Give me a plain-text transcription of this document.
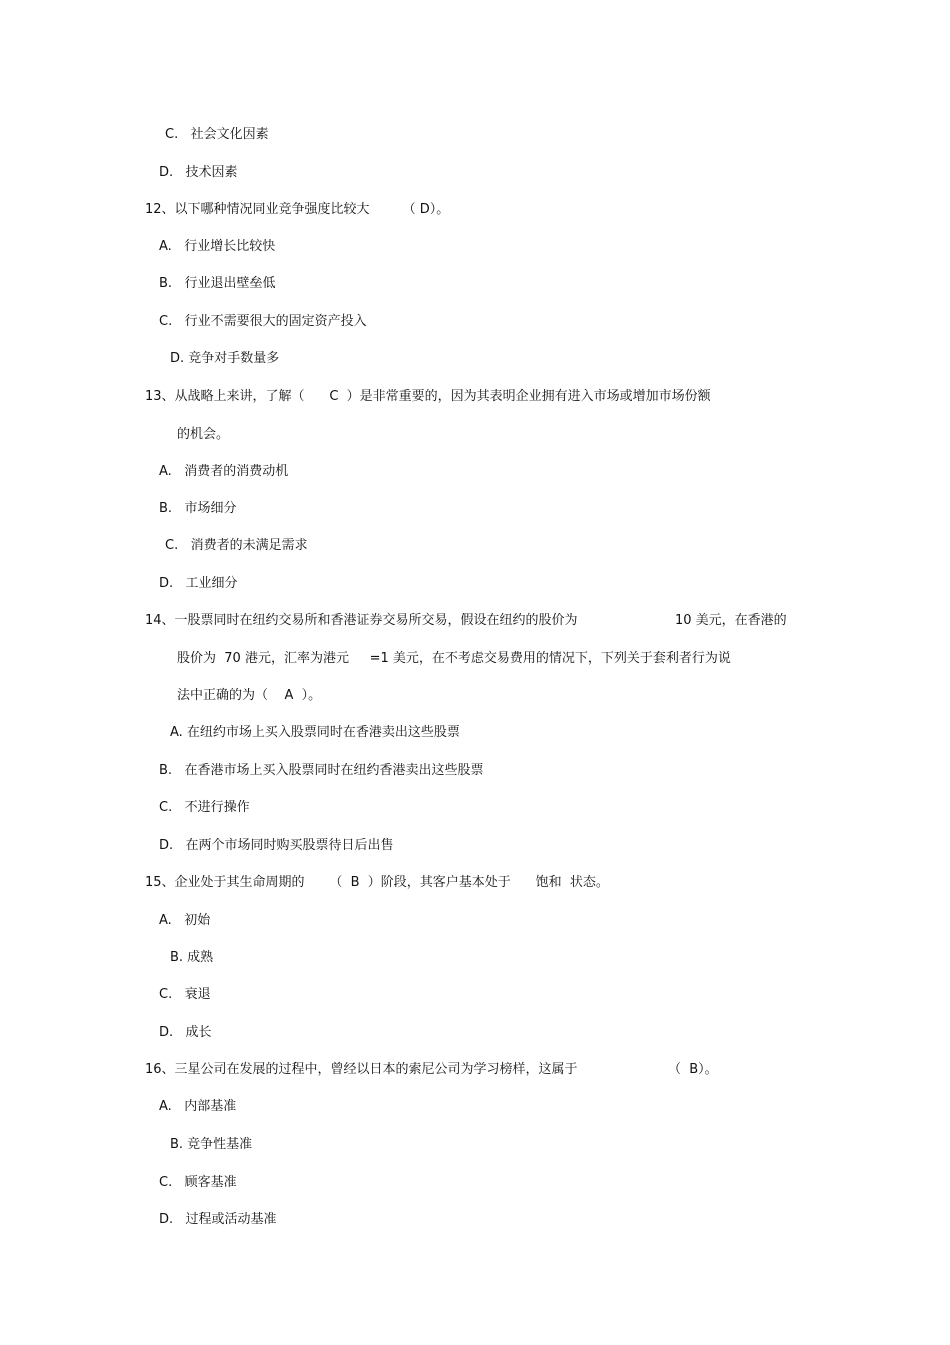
C.   社会文化因素
D.   技术因素
12、以下哪种情况同业竞争强度比较大        （ D）。
A.   行业增长比较快
B.   行业退出壁垒低
C.   行业不需要很大的固定资产投入
D. 竞争对手数量多
13、从战略上来讲，了解（      C  ）是非常重要的，因为其表明企业拥有进入市场或增加市场份额
的机会。
A.   消费者的消费动机
B.   市场细分
C.   消费者的未满足需求
D.   工业细分
14、一股票同时在纽约交易所和香港证券交易所交易，假设在纽约的股价为	10 美元，在香港的
股价为  70 港元，汇率为港元     =1 美元，在不考虑交易费用的情况下，下列关于套利者行为说
法中正确的为（    A  ）。
A. 在纽约市场上买入股票同时在香港卖出这些股票
B.   在香港市场上买入股票同时在纽约香港卖出这些股票
C.   不进行操作
D.   在两个市场同时购买股票待日后出售
15、企业处于其生命周期的      （  B  ）阶段，其客户基本处于      饱和  状态。
A.   初始
B. 成熟
C.   衰退
D.   成长
16、三星公司在发展的过程中，曾经以日本的索尼公司为学习榜样，这属于	（  B）。
A.   内部基准
B. 竞争性基准
C.   顾客基准
D.   过程或活动基准
